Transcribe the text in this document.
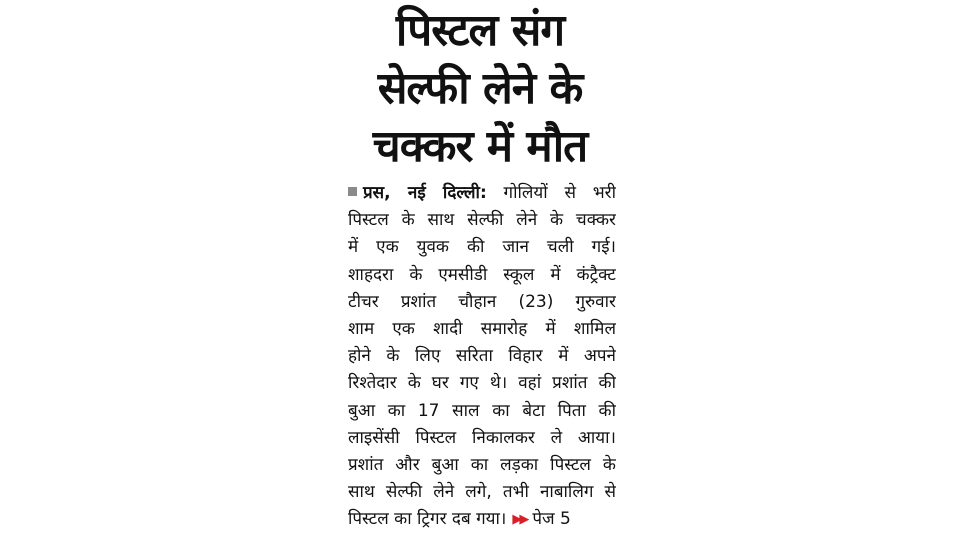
पिस्टल संग
सेल्फी लेने के
चक्कर में मौत
प्रस, नई दिल्ली: गोलियों से भरी
पिस्टल के साथ सेल्फी लेने के चक्कर
में एक युवक की जान चली गई।
शाहदरा के एमसीडी स्कूल में कंट्रैक्ट
टीचर प्रशांत चौहान (23) गुरुवार
शाम एक शादी समारोह में शामिल
होने के लिए सरिता विहार में अपने
रिश्तेदार के घर गए थे। वहां प्रशांत की
बुआ का 17 साल का बेटा पिता की
लाइसेंसी पिस्टल निकालकर ले आया।
प्रशांत और बुआ का लड़का पिस्टल के
साथ सेल्फी लेने लगे, तभी नाबालिग से
पिस्टल का ट्रिगर दब गया। ▶▶ पेज 5
